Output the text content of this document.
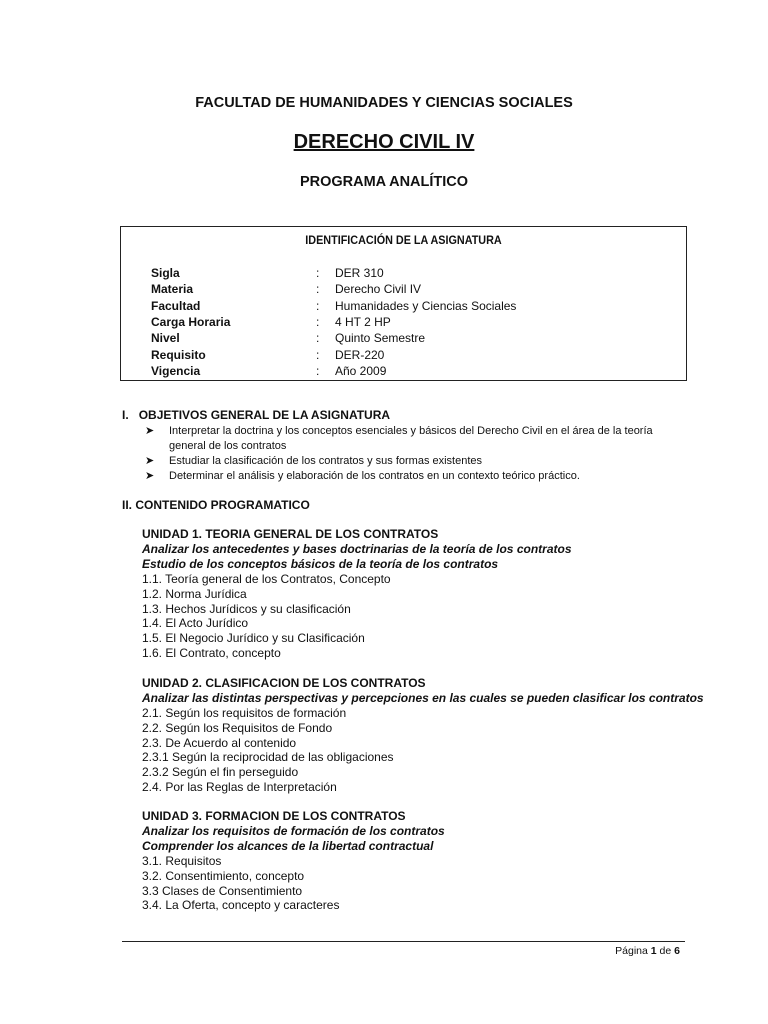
FACULTAD DE HUMANIDADES Y CIENCIAS SOCIALES
DERECHO CIVIL IV
PROGRAMA ANALÍTICO
IDENTIFICACIÓN DE LA ASIGNATURA
Sigla	: DER 310
Materia	: Derecho Civil IV
Facultad	: Humanidades y Ciencias Sociales
Carga Horaria	: 4 HT 2 HP
Nivel	: Quinto Semestre
Requisito	: DER-220
Vigencia	: Año 2009
I. OBJETIVOS GENERAL DE LA ASIGNATURA
➤ Interpretar la doctrina y los conceptos esenciales y básicos del Derecho Civil en el área de la teoría general de los contratos
➤ Estudiar la clasificación de los contratos y sus formas existentes
➤ Determinar el análisis y elaboración de los contratos en un contexto teórico práctico.
II. CONTENIDO PROGRAMATICO
UNIDAD 1. TEORIA GENERAL DE LOS CONTRATOS
Analizar los antecedentes y bases doctrinarias de la teoría de los contratos
Estudio de los conceptos básicos de la teoría de los contratos
1.1. Teoría general de los Contratos, Concepto
1.2. Norma Jurídica
1.3. Hechos Jurídicos y su clasificación
1.4. El Acto Jurídico
1.5. El Negocio Jurídico y su Clasificación
1.6. El Contrato, concepto
UNIDAD 2. CLASIFICACION DE LOS CONTRATOS
Analizar las distintas perspectivas y percepciones en las cuales se pueden clasificar los contratos
2.1. Según los requisitos de formación
2.2. Según los Requisitos de Fondo
2.3. De Acuerdo al contenido
2.3.1 Según la reciprocidad de las obligaciones
2.3.2 Según el fin perseguido
2.4. Por las Reglas de Interpretación
UNIDAD 3. FORMACION DE LOS CONTRATOS
Analizar los requisitos de formación de los contratos
Comprender los alcances de la libertad contractual
3.1. Requisitos
3.2. Consentimiento, concepto
3.3 Clases de Consentimiento
3.4. La Oferta, concepto y caracteres
Página 1 de 6
